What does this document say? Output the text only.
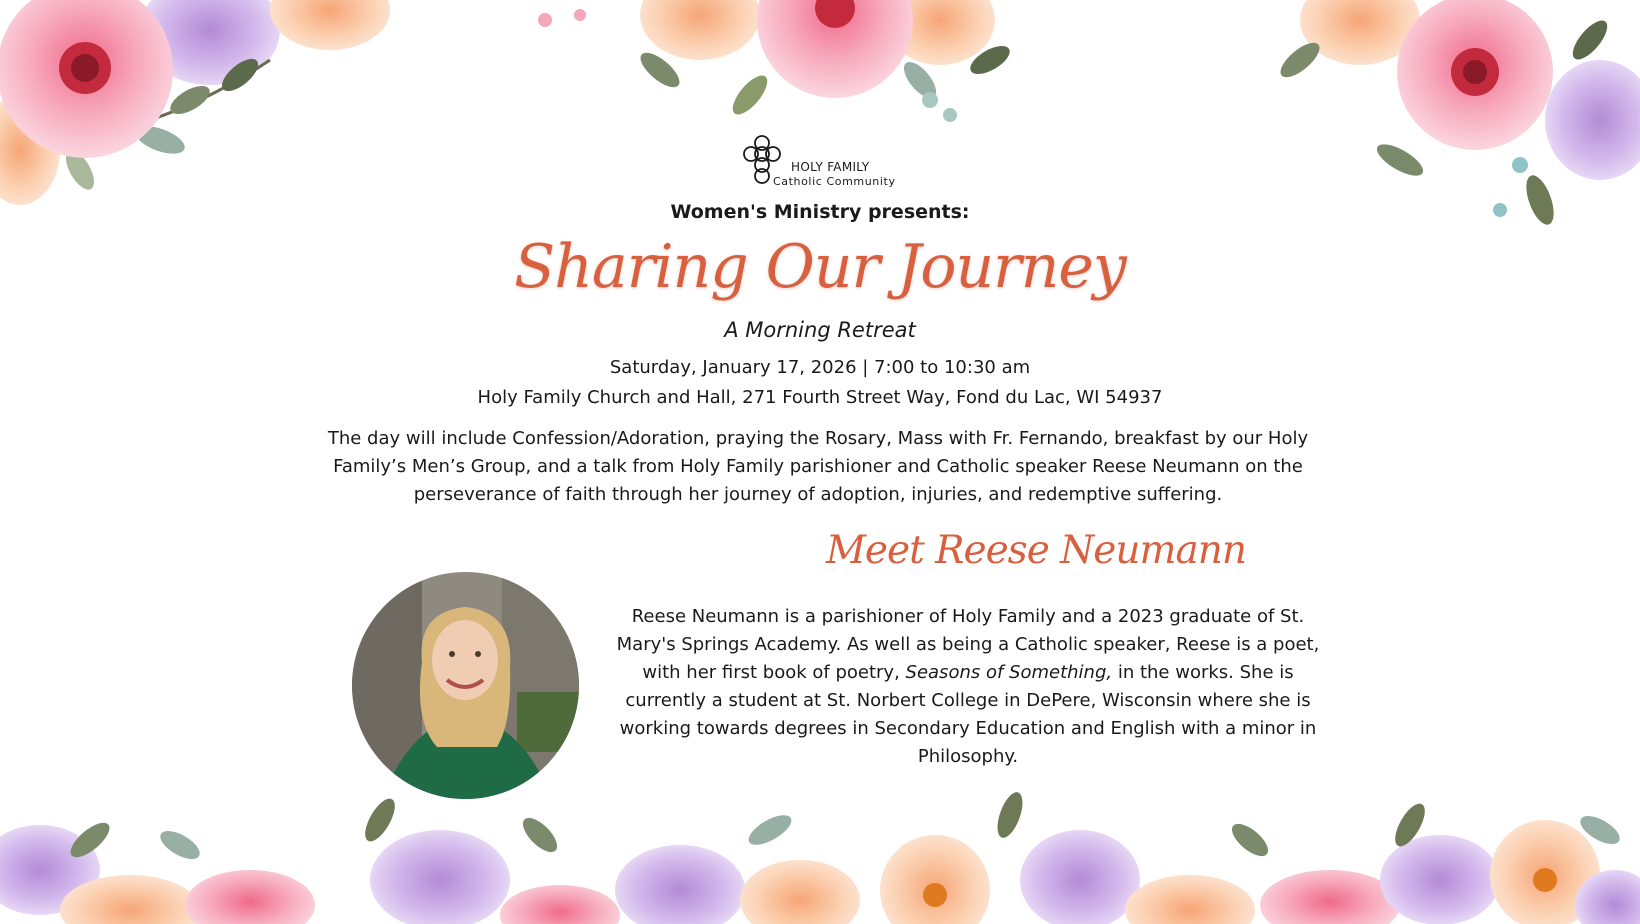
HOLY FAMILY
Catholic Community
Women's Ministry presents:
Sharing Our Journey
A Morning Retreat
Saturday, January 17, 2026 | 7:00 to 10:30 am
Holy Family Church and Hall, 271 Fourth Street Way, Fond du Lac, WI 54937
The day will include Confession/Adoration, praying the Rosary, Mass with Fr. Fernando, breakfast by our Holy Family’s Men’s Group, and a talk from Holy Family parishioner and Catholic speaker Reese Neumann on the perseverance of faith through her journey of adoption, injuries, and redemptive suffering.
Meet Reese Neumann
Reese Neumann is a parishioner of Holy Family and a 2023 graduate of St. Mary's Springs Academy. As well as being a Catholic speaker, Reese is a poet, with her first book of poetry, Seasons of Something, in the works. She is currently a student at St. Norbert College in DePere, Wisconsin where she is working towards degrees in Secondary Education and English with a minor in Philosophy.
